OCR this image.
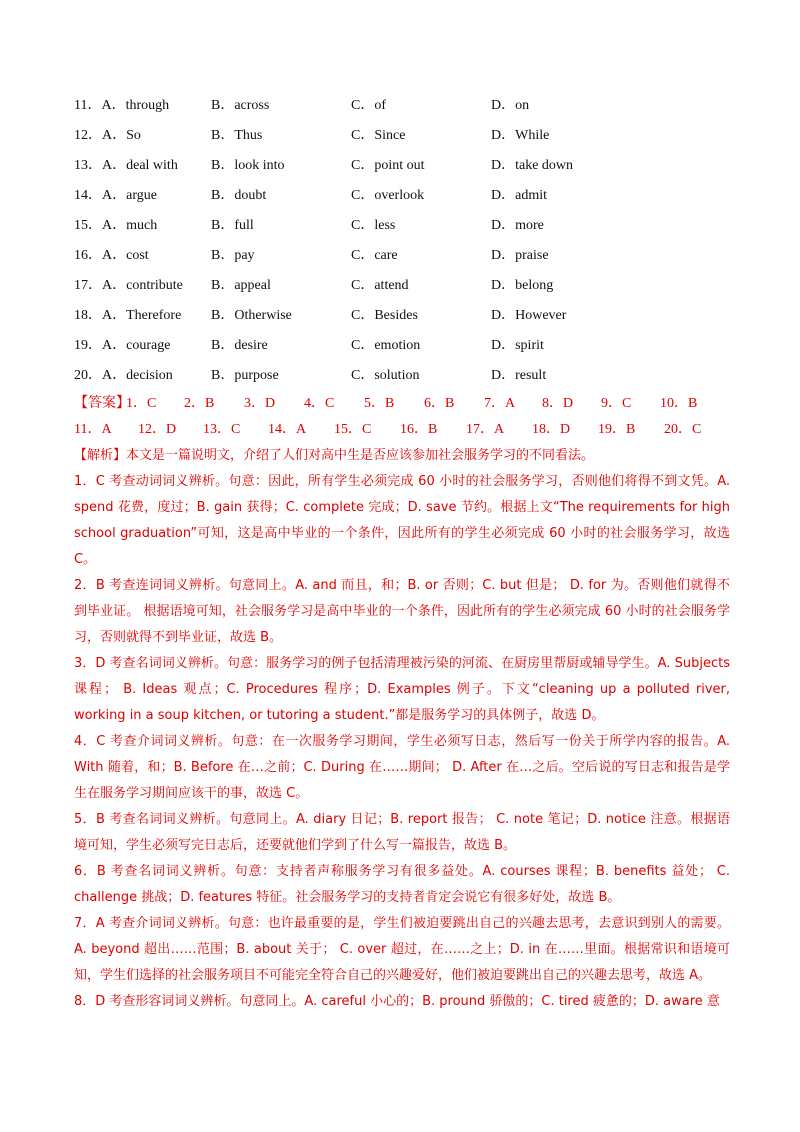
11．A．through	B．across	C．of	D．on
12．A．So	B．Thus	C．Since	D．While
13．A．deal with B．look into	C．point out	D．take down
14．A．argue	B．doubt	C．overlook	D．admit
15．A．much	B．full	C．less	D．more
16．A．cost	B．pay	C．care	D．praise
17．A．contribute B．appeal	C．attend	D．belong
18．A．Therefore B．Otherwise	C．Besides	D．However
19．A．courage	B．desire	C．emotion	D．spirit
20．A．decision	B．purpose	C．solution	D．result
【答案】
1．C 2．B 3．D 4．C 5．B 6．B 7．A 8．D 9．C 10．B
11．A 12．D 13．C 14．A 15．C 16．B 17．A 18．D 19．B 20．C

【解析】本文是一篇说明文，介绍了人们对高中生是否应该参加社会服务学习的不同看法。

1．C 考查动词词义辨析。句意：因此，所有学生必须完成 60 小时的社会服务学习，否则他们将得不到文凭。A. spend 花费，度过；B. gain 获得；C. complete 完成；D. save 节约。根据上文“The requirements for high school graduation”可知，这是高中毕业的一个条件，因此所有的学生必须完成 60 小时的社会服务学习，故选 C。

2．B 考查连词词义辨析。句意同上。A. and 而且，和；B. or 否则；C. but 但是； D. for 为。否则他们就得不到毕业证。 根据语境可知，社会服务学习是高中毕业的一个条件，因此所有的学生必须完成 60 小时的社会服务学习，否则就得不到毕业证，故选 B。

3．D 考查名词词义辨析。句意：服务学习的例子包括清理被污染的河流、在厨房里帮厨或辅导学生。A. Subjects 课程； B. Ideas 观点；C. Procedures 程序；D. Examples 例子。下文“cleaning up a polluted river, working in a soup kitchen, or tutoring a student.”都是服务学习的具体例子，故选 D。

4．C 考查介词词义辨析。句意：在一次服务学习期间，学生必须写日志，然后写一份关于所学内容的报告。A. With 随着，和；B. Before 在…之前；C. During 在……期间； D. After 在…之后。空后说的写日志和报告是学生在服务学习期间应该干的事，故选 C。

5．B 考查名词词义辨析。句意同上。A. diary 日记；B. report 报告； C. note 笔记；D. notice 注意。根据语境可知，学生必须写完日志后，还要就他们学到了什么写一篇报告，故选 B。

6．B 考查名词词义辨析。句意：支持者声称服务学习有很多益处。A. courses 课程；B. benefits 益处； C. challenge 挑战；D. features 特征。社会服务学习的支持者肯定会说它有很多好处，故选 B。

7．A 考查介词词义辨析。句意：也许最重要的是，学生们被迫要跳出自己的兴趣去思考，去意识到别人的需要。A. beyond 超出……范围；B. about 关于； C. over 超过，在……之上；D. in 在……里面。根据常识和语境可知，学生们选择的社会服务项目不可能完全符合自己的兴趣爱好，他们被迫要跳出自己的兴趣去思考，故选 A。

8．D 考查形容词词义辨析。句意同上。A. careful 小心的；B. pround 骄傲的；C. tired 疲惫的；D. aware 意
